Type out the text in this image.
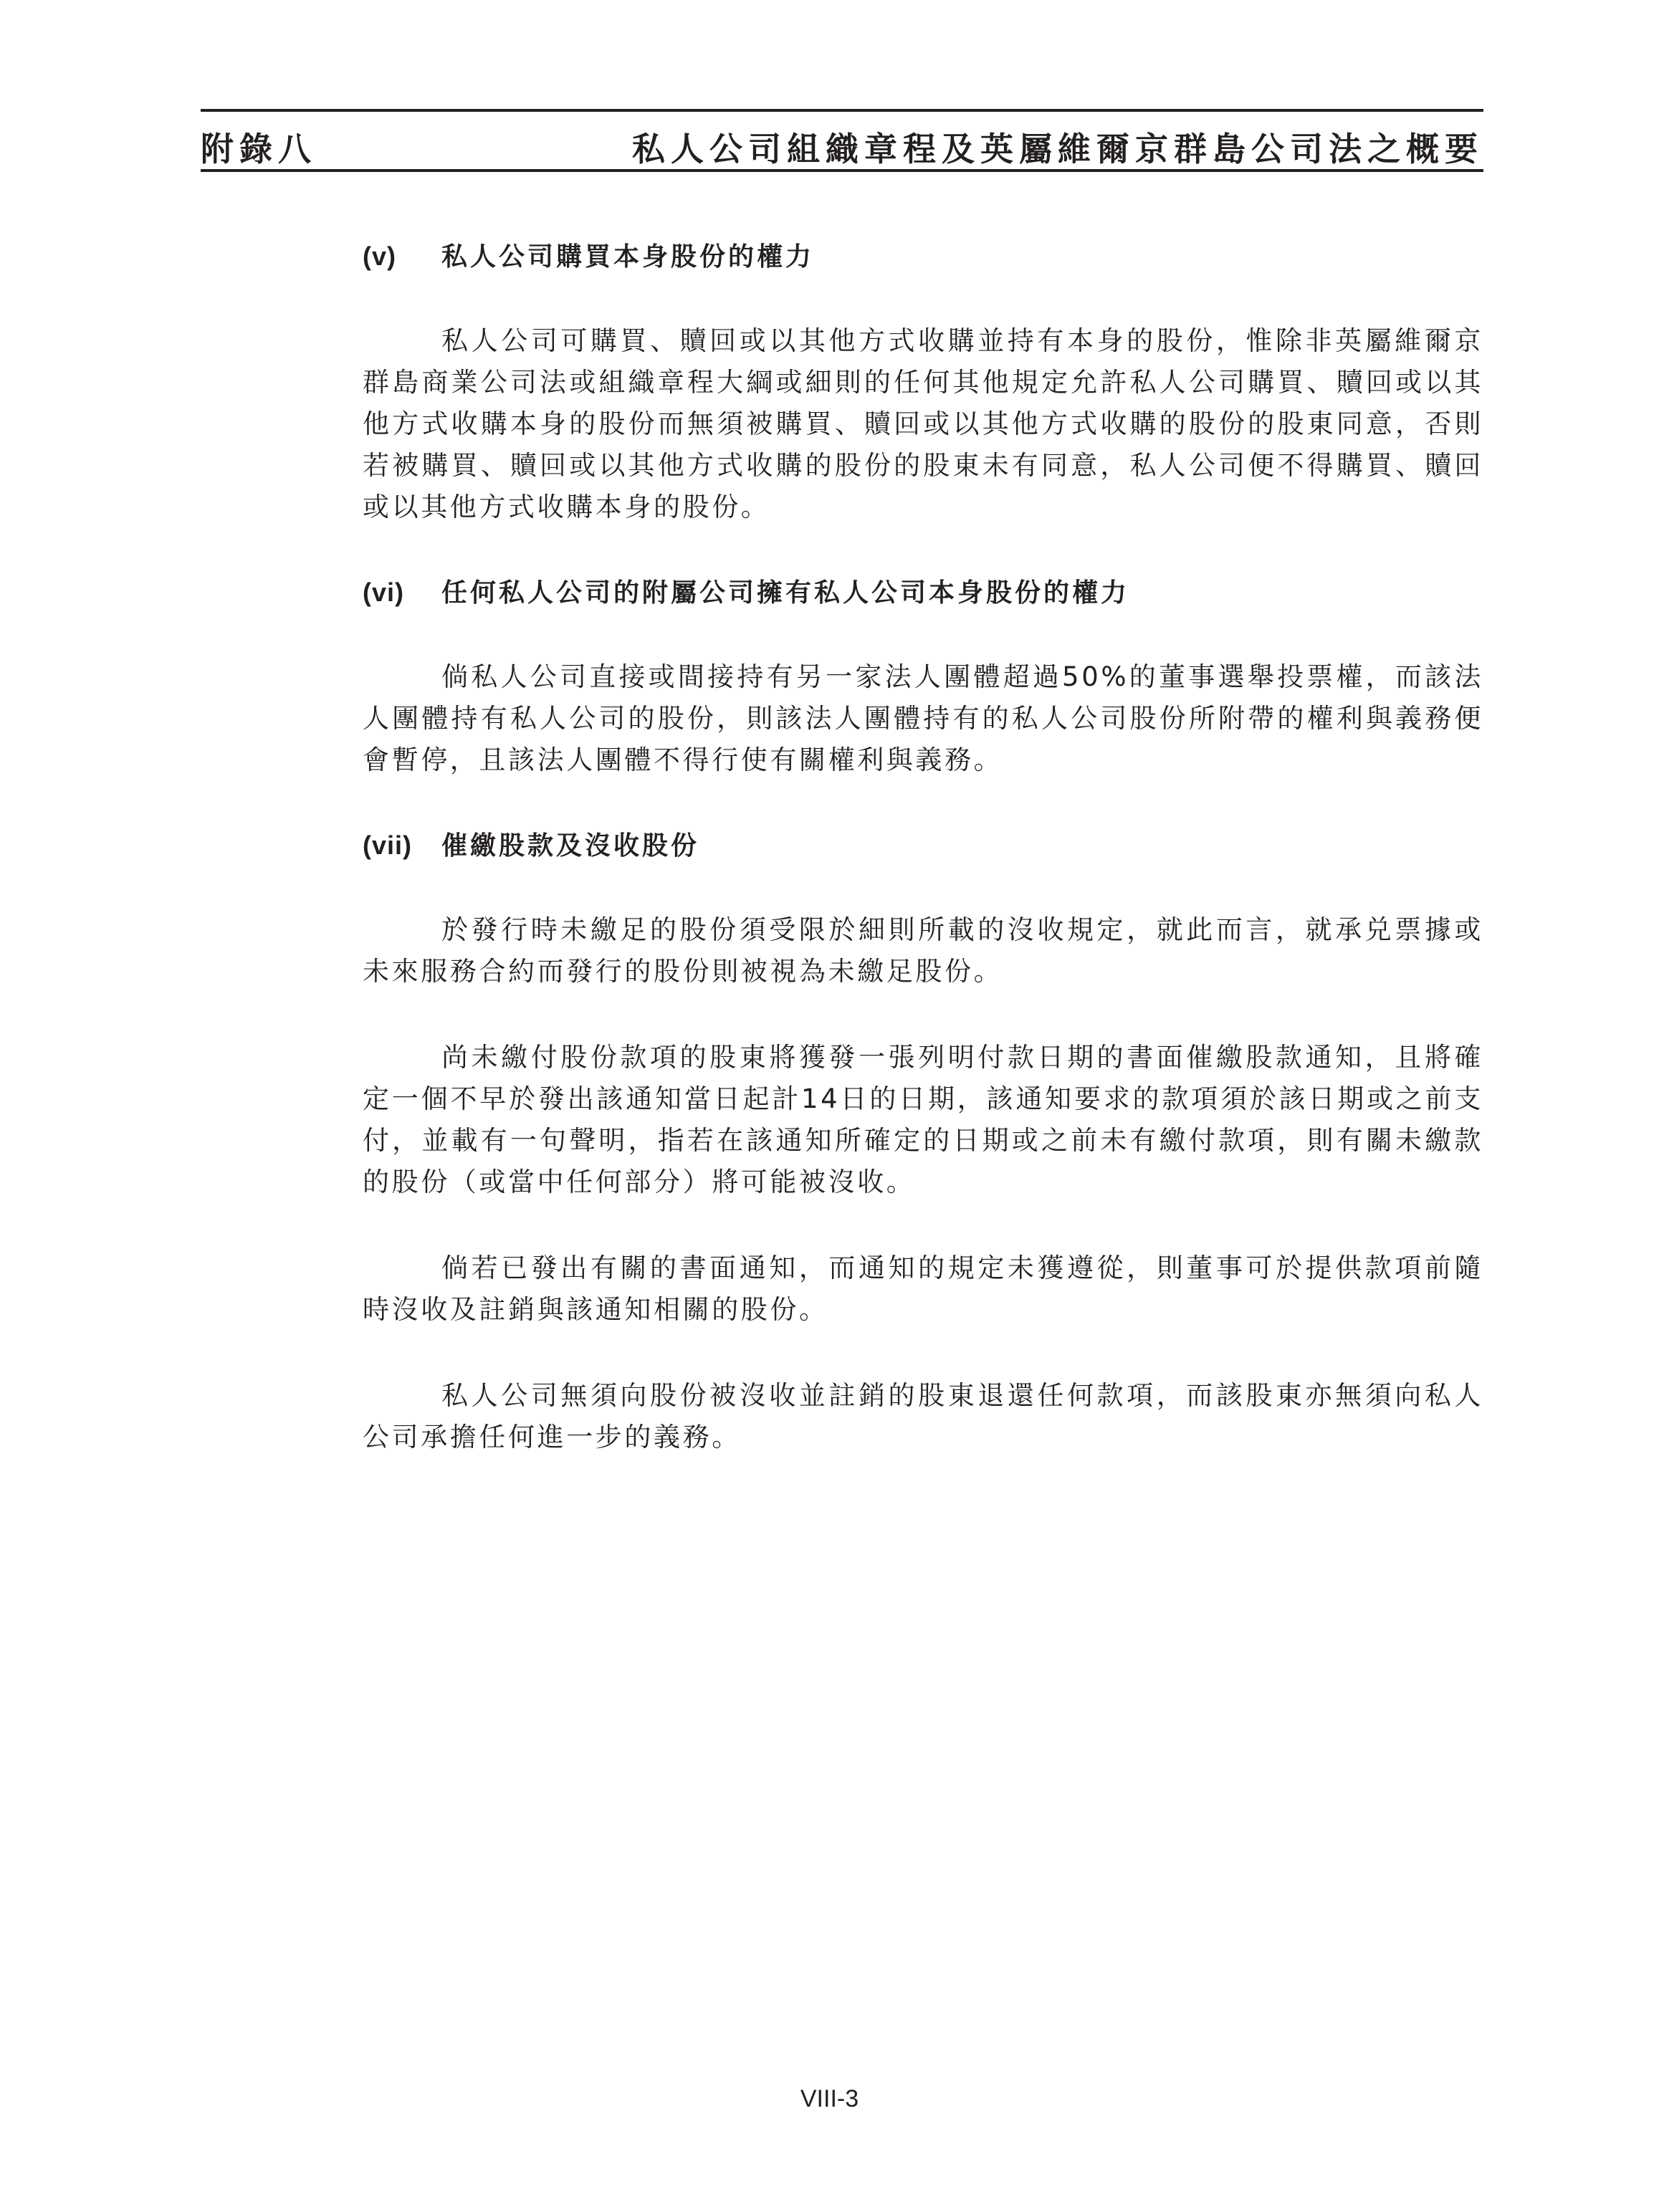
附錄八	私人公司組織章程及英屬維爾京群島公司法之概要
(v) 私人公司購買本身股份的權力

私人公司可購買、贖回或以其他方式收購並持有本身的股份，惟除非英屬維爾京群島商業公司法或組織章程大綱或細則的任何其他規定允許私人公司購買、贖回或以其他方式收購本身的股份而無須被購買、贖回或以其他方式收購的股份的股東同意，否則若被購買、贖回或以其他方式收購的股份的股東未有同意，私人公司便不得購買、贖回或以其他方式收購本身的股份。

(vi) 任何私人公司的附屬公司擁有私人公司本身股份的權力

倘私人公司直接或間接持有另一家法人團體超過50%的董事選舉投票權，而該法人團體持有私人公司的股份，則該法人團體持有的私人公司股份所附帶的權利與義務便會暫停，且該法人團體不得行使有關權利與義務。

(vii) 催繳股款及沒收股份

於發行時未繳足的股份須受限於細則所載的沒收規定，就此而言，就承兑票據或未來服務合約而發行的股份則被視為未繳足股份。

尚未繳付股份款項的股東將獲發一張列明付款日期的書面催繳股款通知，且將確定一個不早於發出該通知當日起計14日的日期，該通知要求的款項須於該日期或之前支付，並載有一句聲明，指若在該通知所確定的日期或之前未有繳付款項，則有關未繳款的股份（或當中任何部分）將可能被沒收。

倘若已發出有關的書面通知，而通知的規定未獲遵從，則董事可於提供款項前隨時沒收及註銷與該通知相關的股份。

私人公司無須向股份被沒收並註銷的股東退還任何款項，而該股東亦無須向私人公司承擔任何進一步的義務。

VIII-3
